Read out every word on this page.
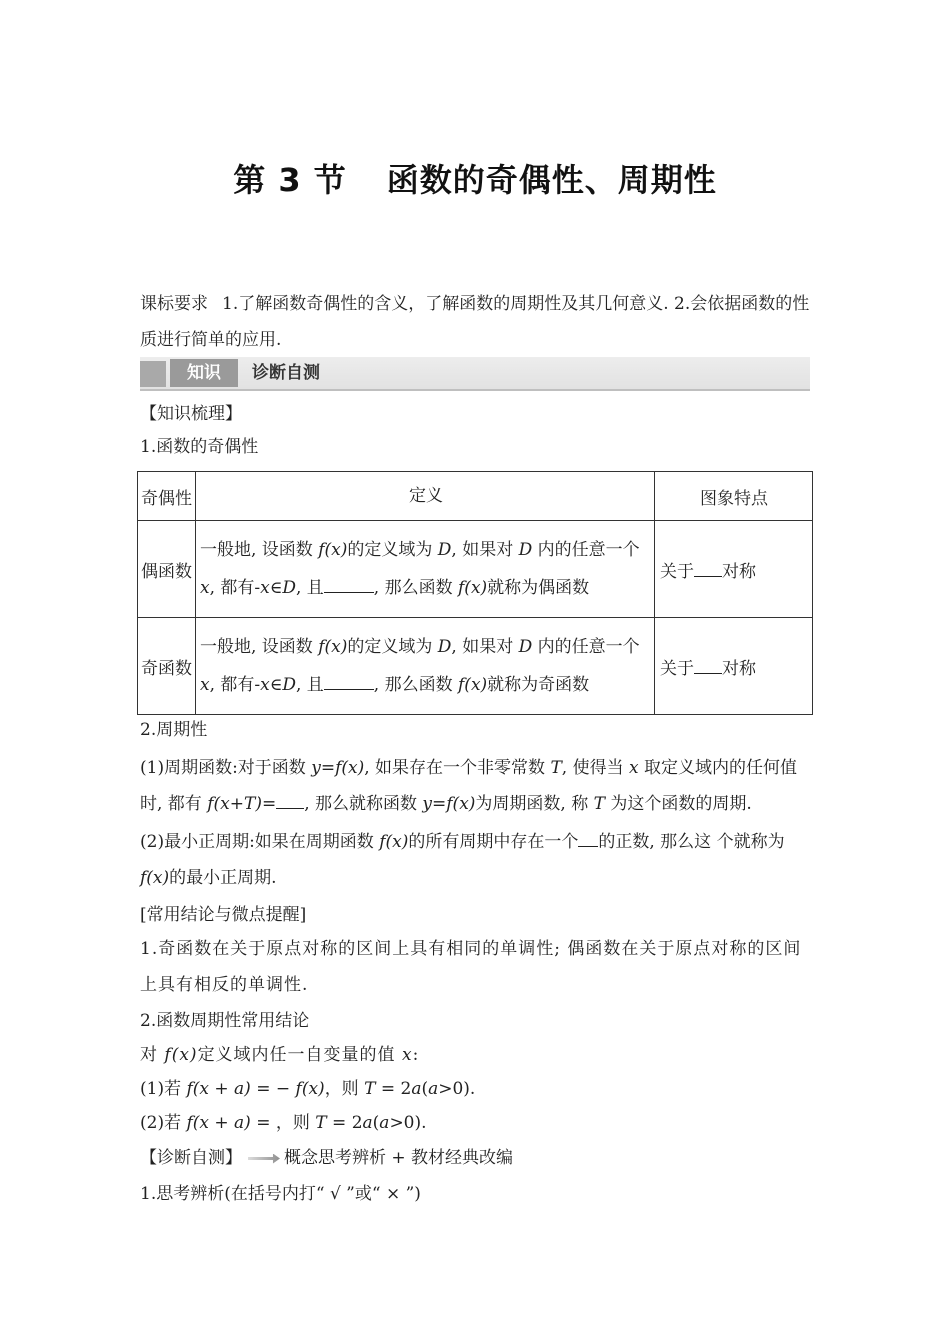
第 3 节 函数的奇偶性、周期性
课标要求 1.了解函数奇偶性的含义，了解函数的周期性及其几何意义. 2.会依据函数的性质进行简单的应用.
知识	诊断自测
【知识梳理】
1.函数的奇偶性
奇偶性	定义	图象特点
偶函数	一般地, 设函数 f(x)的定义域为 D, 如果对 D 内的任意一个 x, 都有-x∈D, 且 , 那么函数 f(x)就称为偶函数	关于 对称
奇函数	一般地, 设函数 f(x)的定义域为 D, 如果对 D 内的任意一个 x, 都有-x∈D, 且 , 那么函数 f(x)就称为奇函数	关于 对称
2.周期性
(1)周期函数:对于函数 y=f(x), 如果存在一个非零常数 T, 使得当 x 取定义域内的任何值时, 都有 f(x+T)= , 那么就称函数 y=f(x)为周期函数, 称 T 为这个函数的周期.
(2)最小正周期:如果在周期函数 f(x)的所有周期中存在一个 的正数, 那么这 个就称为 f(x)的最小正周期.
[常用结论与微点提醒]
1.奇函数在关于原点对称的区间上具有相同的单调性; 偶函数在关于原点对称的区间上具有相反的单调性.
2.函数周期性常用结论
对 f(x)定义域内任一自变量的值 x:
(1)若 f(x + a) = − f(x)，则 T = 2a(a>0).
(2)若 f(x + a) = ，则 T = 2a(a>0).
【诊断自测】 概念思考辨析 + 教材经典改编
1.思考辨析(在括号内打“ √ ”或“ × ”)
